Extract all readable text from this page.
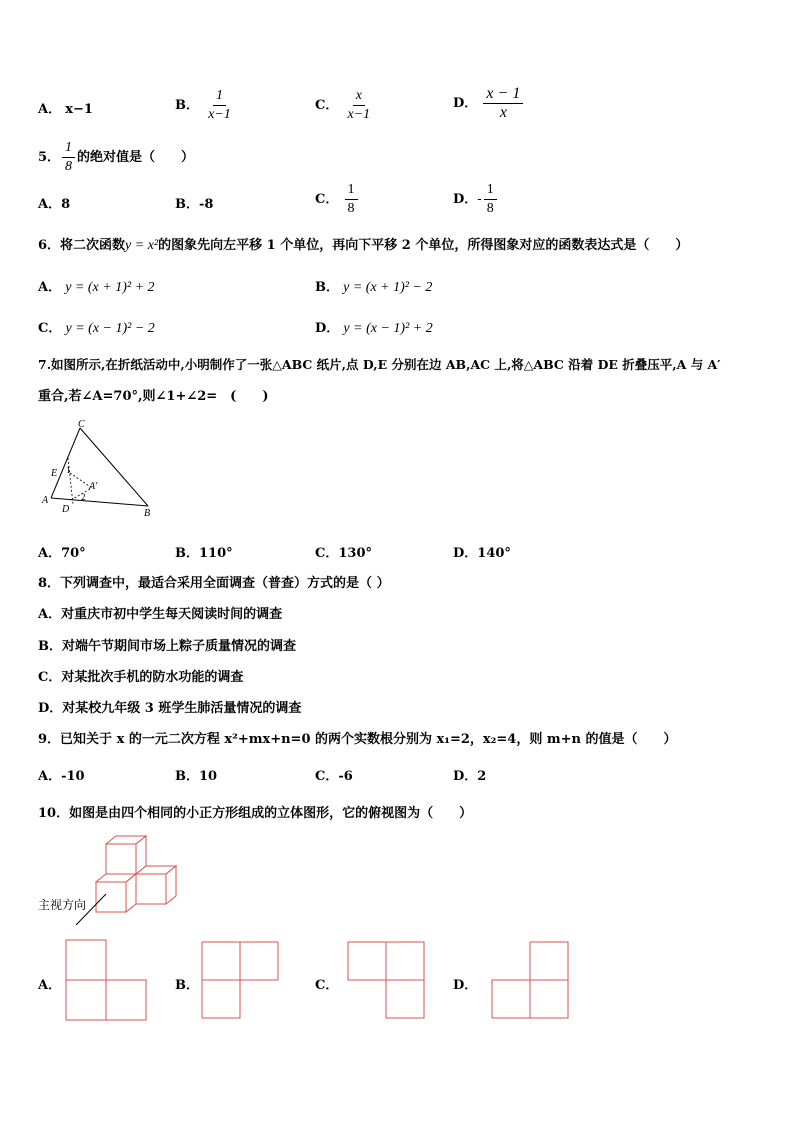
A． x−1	B． $\frac{1}{x-1}$	C． $\frac{x}{x-1}$	D． $\frac{x - 1}{x}$
5． $\frac{1}{8}$ 的绝对值是（　　）
A．8	B．-8	C． $\frac{1}{8}$	D．- $\frac{1}{8}$
6．将二次函数y = x²的图象先向左平移 1 个单位，再向下平移 2 个单位，所得图象对应的函数表达式是（　　）
A． y = (x + 1)² + 2	B． y = (x + 1)² − 2
C． y = (x − 1)² − 2	D． y = (x − 1)² + 2
7.如图所示,在折纸活动中,小明制作了一张△ABC 纸片,点 D,E 分别在边 AB,AC 上,将△ABC 沿着 DE 折叠压平,A 与 A′
重合,若∠A=70°,则∠1+∠2=　(　　)
C
E 1
A′
2
A
D	B
A．70°	B．110°	C．130°	D．140°
8．下列调查中，最适合采用全面调查（普查）方式的是（ ）
A．对重庆市初中学生每天阅读时间的调查
B．对端午节期间市场上粽子质量情况的调查
C．对某批次手机的防水功能的调查
D．对某校九年级 3 班学生肺活量情况的调查
9．已知关于 x 的一元二次方程 x²+mx+n=0 的两个实数根分别为 x₁=2，x₂=4，则 m+n 的值是（　　）
A．-10	B．10	C．-6	D．2
10．如图是由四个相同的小正方形组成的立体图形，它的俯视图为（　　）
主视方向
A．	B．	C．	D．
